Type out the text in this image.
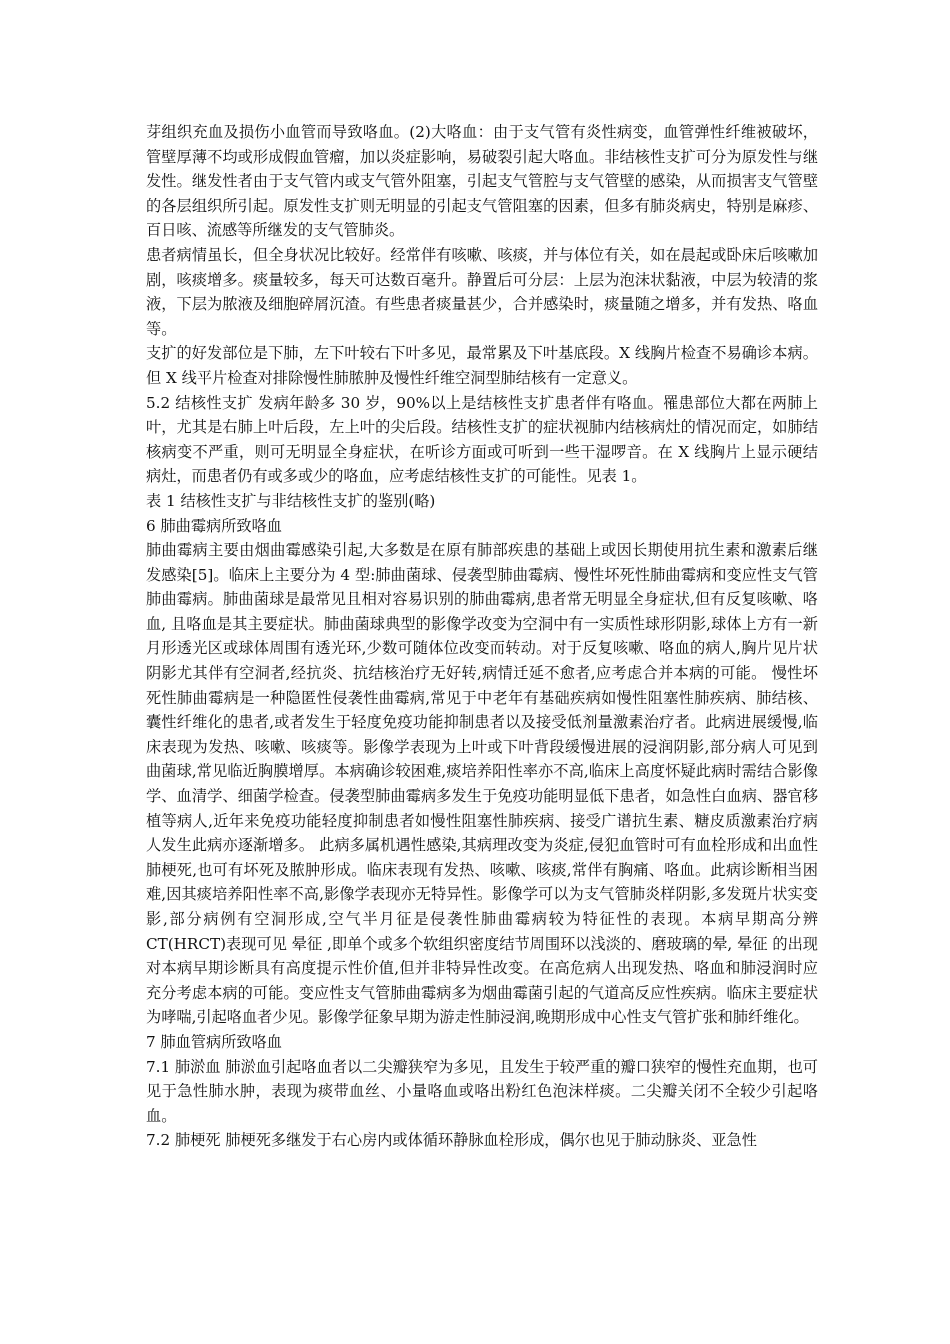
芽组织充血及损伤小血管而导致咯血。(2)大咯血：由于支气管有炎性病变，血管弹性纤维被破坏，管壁厚薄不均或形成假血管瘤，加以炎症影响，易破裂引起大咯血。非结核性支扩可分为原发性与继发性。继发性者由于支气管内或支气管外阻塞，引起支气管腔与支气管壁的感染，从而损害支气管壁的各层组织所引起。原发性支扩则无明显的引起支气管阻塞的因素，但多有肺炎病史，特别是麻疹、百日咳、流感等所继发的支气管肺炎。

患者病情虽长，但全身状况比较好。经常伴有咳嗽、咳痰，并与体位有关，如在晨起或卧床后咳嗽加剧，咳痰增多。痰量较多，每天可达数百毫升。静置后可分层：上层为泡沫状黏液，中层为较清的浆液，下层为脓液及细胞碎屑沉渣。有些患者痰量甚少，合并感染时，痰量随之增多，并有发热、咯血等。

支扩的好发部位是下肺，左下叶较右下叶多见，最常累及下叶基底段。X 线胸片检查不易确诊本病。但 X 线平片检查对排除慢性肺脓肿及慢性纤维空洞型肺结核有一定意义。

5.2 结核性支扩 发病年龄多 30 岁，90%以上是结核性支扩患者伴有咯血。罹患部位大都在两肺上叶，尤其是右肺上叶后段，左上叶的尖后段。结核性支扩的症状视肺内结核病灶的情况而定，如肺结核病变不严重，则可无明显全身症状，在听诊方面或可听到一些干湿啰音。在 X 线胸片上显示硬结病灶，而患者仍有或多或少的咯血，应考虑结核性支扩的可能性。见表 1。

表 1 结核性支扩与非结核性支扩的鉴别(略)

6 肺曲霉病所致咯血

肺曲霉病主要由烟曲霉感染引起,大多数是在原有肺部疾患的基础上或因长期使用抗生素和激素后继发感染[5]。临床上主要分为 4 型:肺曲菌球、侵袭型肺曲霉病、慢性坏死性肺曲霉病和变应性支气管肺曲霉病。肺曲菌球是最常见且相对容易识别的肺曲霉病,患者常无明显全身症状,但有反复咳嗽、咯血, 且咯血是其主要症状。肺曲菌球典型的影像学改变为空洞中有一实质性球形阴影,球体上方有一新月形透光区或球体周围有透光环,少数可随体位改变而转动。对于反复咳嗽、咯血的病人,胸片见片状阴影尤其伴有空洞者,经抗炎、抗结核治疗无好转,病情迁延不愈者,应考虑合并本病的可能。 慢性坏死性肺曲霉病是一种隐匿性侵袭性曲霉病,常见于中老年有基础疾病如慢性阻塞性肺疾病、肺结核、囊性纤维化的患者,或者发生于轻度免疫功能抑制患者以及接受低剂量激素治疗者。此病进展缓慢,临床表现为发热、咳嗽、咳痰等。影像学表现为上叶或下叶背段缓慢进展的浸润阴影,部分病人可见到曲菌球,常见临近胸膜增厚。本病确诊较困难,痰培养阳性率亦不高,临床上高度怀疑此病时需结合影像学、血清学、细菌学检查。侵袭型肺曲霉病多发生于免疫功能明显低下患者，如急性白血病、器官移植等病人,近年来免疫功能轻度抑制患者如慢性阻塞性肺疾病、接受广谱抗生素、糖皮质激素治疗病人发生此病亦逐渐增多。 此病多属机遇性感染,其病理改变为炎症,侵犯血管时可有血栓形成和出血性肺梗死,也可有坏死及脓肿形成。临床表现有发热、咳嗽、咳痰,常伴有胸痛、咯血。此病诊断相当困难,因其痰培养阳性率不高,影像学表现亦无特异性。影像学可以为支气管肺炎样阴影,多发斑片状实变影,部分病例有空洞形成,空气半月征是侵袭性肺曲霉病较为特征性的表现。本病早期高分辨 CT(HRCT)表现可见 晕征 ,即单个或多个软组织密度结节周围环以浅淡的、磨玻璃的晕, 晕征 的出现对本病早期诊断具有高度提示性价值,但并非特异性改变。在高危病人出现发热、咯血和肺浸润时应充分考虑本病的可能。变应性支气管肺曲霉病多为烟曲霉菌引起的气道高反应性疾病。临床主要症状为哮喘,引起咯血者少见。影像学征象早期为游走性肺浸润,晚期形成中心性支气管扩张和肺纤维化。

7 肺血管病所致咯血

7.1 肺淤血 肺淤血引起咯血者以二尖瓣狭窄为多见，且发生于较严重的瓣口狭窄的慢性充血期，也可见于急性肺水肿，表现为痰带血丝、小量咯血或咯出粉红色泡沫样痰。二尖瓣关闭不全较少引起咯血。

7.2 肺梗死 肺梗死多继发于右心房内或体循环静脉血栓形成，偶尔也见于肺动脉炎、亚急性
